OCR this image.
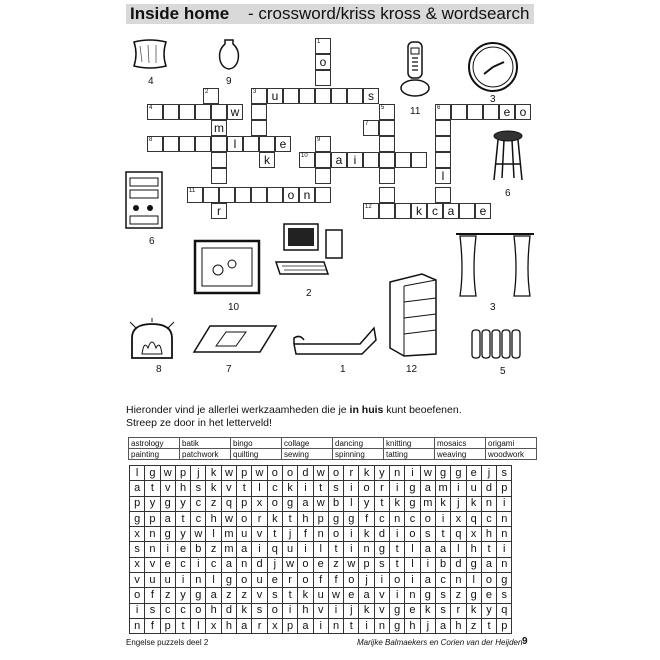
Inside home - crossword/kriss kross & wordsearch
1
o
2	3	u	s
4	w	5	6	e o
m	7
8	l	e	9
k	10	a i
l
11	o n
r	12	k c a	e
11
4	9
3
6
6
2
10	3
8	7	1	12	5
Hieronder vind je allerlei werkzaamheden die je in huis kunt beoefenen.
Streep ze door in het letterveld!
astrology	batik	bingo	collage	dancing	knitting	mosaics	origami
painting	patchwork	quilting	sewing	spinning	tatting	weaving	woodwork
l	g	w	p	j	k	w	p	w	o	o	d	w	o	r	k	y	n	i	w	g	g	e	j	s
a	t	v	h	s	k	v	t	l	c	k	i	t	s	i	o	r	i	g	a	m	i	u	d	p
p	y	g	y	c	z	q	p	x	o	g	a	w	b	l	y	t	k	g	m	k	j	k	n	i
g	p	a	t	c	h	w	o	r	k	t	h	p	g	g	f	c	n	c	o	i	x	q	c	n
x	n	g	y	w	l	m	u	v	t	j	f	n	o	i	k	d	i	o	s	t	q	x	h	n
s	n	i	e	b	z	m	a	i	q	u	i	l	t	i	n	g	t	l	a	a	l	h	t	i
x	v	e	c	i	c	a	n	d	j	w	o	e	z	w	p	s	t	l	i	b	d	g	a	n
v	u	u	i	n	l	g	o	u	e	r	o	f	f	o	j	i	o	i	a	c	n	l	o	g
o	f	z	y	g	a	z	z	v	s	t	k	u	w	e	a	v	i	n	g	s	z	g	e	s
i	s	c	c	o	h	d	k	s	o	i	h	v	i	j	k	v	g	e	k	s	r	k	y	q
n	f	p	t	l	x	h	a	r	x	p	a	i	n	t	i	n	g	h	j	a	h	z	t	p
Engelse puzzels deel 2	Marijke Balmaekers en Corien van der Heijden 9
